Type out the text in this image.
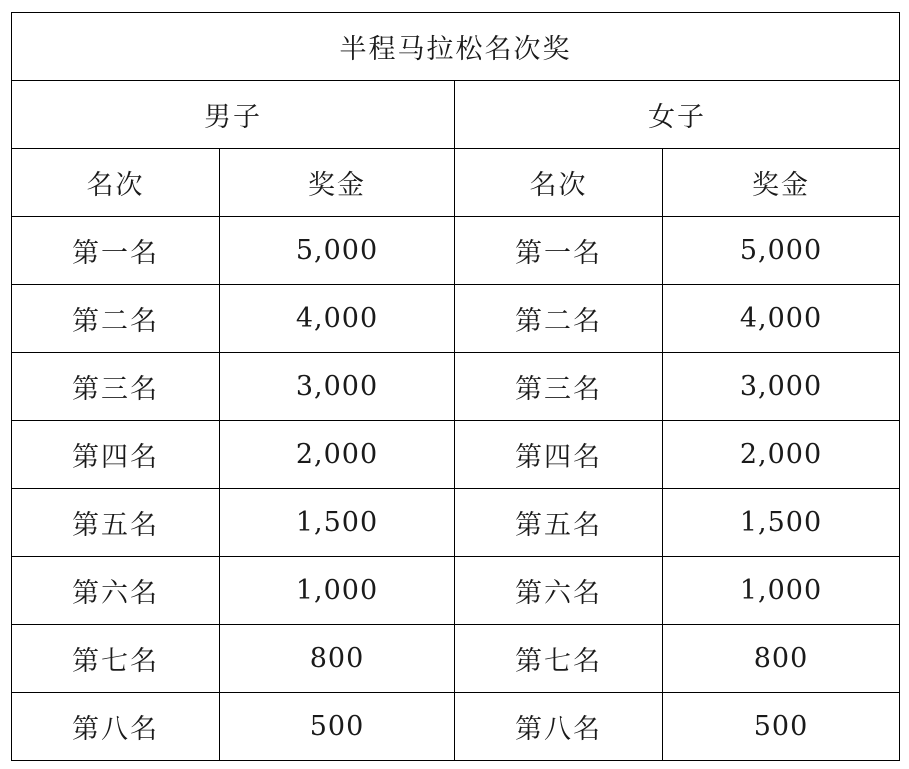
半程马拉松名次奖			
男子		女子	
名次	奖金	名次	奖金
第一名	5,000	第一名	5,000
第二名	4,000	第二名	4,000
第三名	3,000	第三名	3,000
第四名	2,000	第四名	2,000
第五名	1,500	第五名	1,500
第六名	1,000	第六名	1,000
第七名	800	第七名	800
第八名	500	第八名	500
